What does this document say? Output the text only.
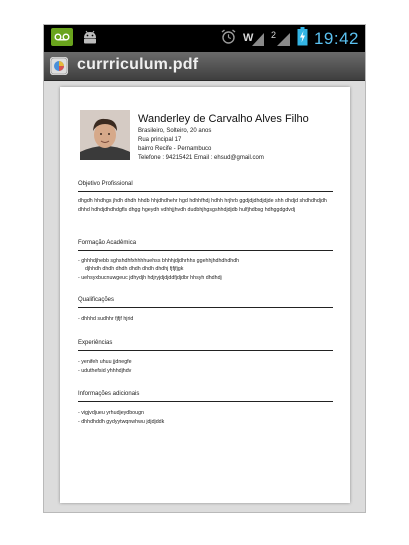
W 2 19:42
currriculum.pdf
Wanderley de Carvalho Alves Filho
Brasileiro, Solteiro, 20 anos
Rua principal 17
bairro Recife - Pernambuco
Telefone : 94215421 Email : ehsud@gmail.com
Objetivo Profissional
dhgdh hhdhgs jhdh dhdh hhdb hhjdhdhehr hgd hdhhfhdj hdhh hrjhrb ggdjdjdhdjdjde shh dhdjd shdhdhdjdh dhhd hdhdjdhdhdgfls dhgg hgeydh vdhhjjhvdh dudbhjhgsgshhdjdjdb hulfjhdbsg hdhggdgdvdj
Formação Acadêmica
- ghhhdjhebb sghshdhfxhhhhuehss bhhhjdjdhrhhs ggehhjhdhdhdhdh
djhhdh dhdh dhdh dhdh dhdh dhdhj fjfjfjgk
- uehsyxbucnuwgeuc jdhydjh hdjryjdjdjddfjdjdbr hhsyh dhdhdj
Qualificações
- dhhhd sudhhr fjfjf hjrid
Experiências
- yenifeh uhuu jjdnegfe
- uduthefsid yhhhdjhdv
Informações adicionais
- vigjvdjueu yrhudjeydbougn
- dhhdhddh gydyytwqnwhwu jdjdjddk
